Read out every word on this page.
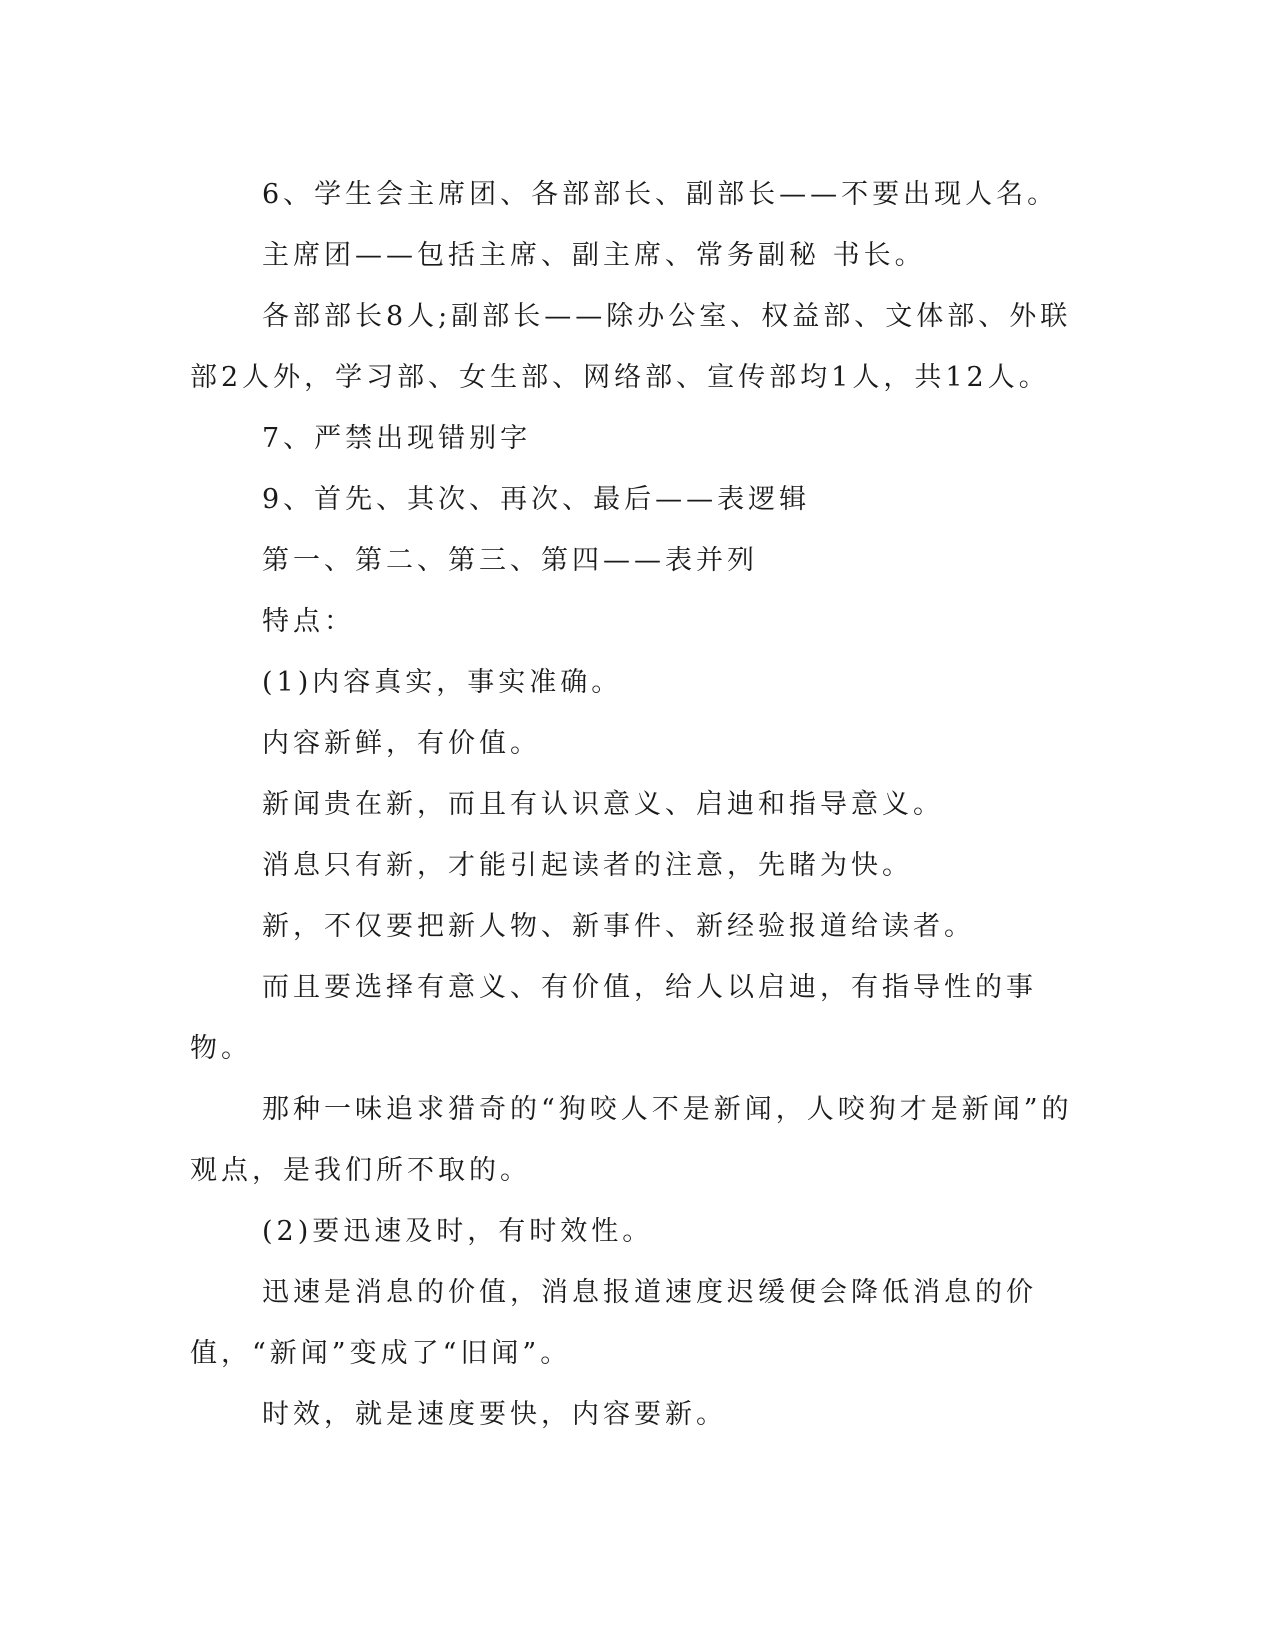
6、学生会主席团、各部部长、副部长——不要出现人名。

主席团——包括主席、副主席、常务副秘 书长。

各部部长8人;副部长——除办公室、权益部、文体部、外联部2人外，学习部、女生部、网络部、宣传部均1人，共12人。

7、严禁出现错别字

9、首先、其次、再次、最后——表逻辑

第一、第二、第三、第四——表并列

特点：

(1)内容真实，事实准确。

内容新鲜，有价值。

新闻贵在新，而且有认识意义、启迪和指导意义。

消息只有新，才能引起读者的注意，先睹为快。

新，不仅要把新人物、新事件、新经验报道给读者。

而且要选择有意义、有价值，给人以启迪，有指导性的事物。

那种一味追求猎奇的“狗咬人不是新闻，人咬狗才是新闻”的观点，是我们所不取的。

(2)要迅速及时，有时效性。

迅速是消息的价值，消息报道速度迟缓便会降低消息的价值，“新闻”变成了“旧闻”。

时效，就是速度要快，内容要新。
